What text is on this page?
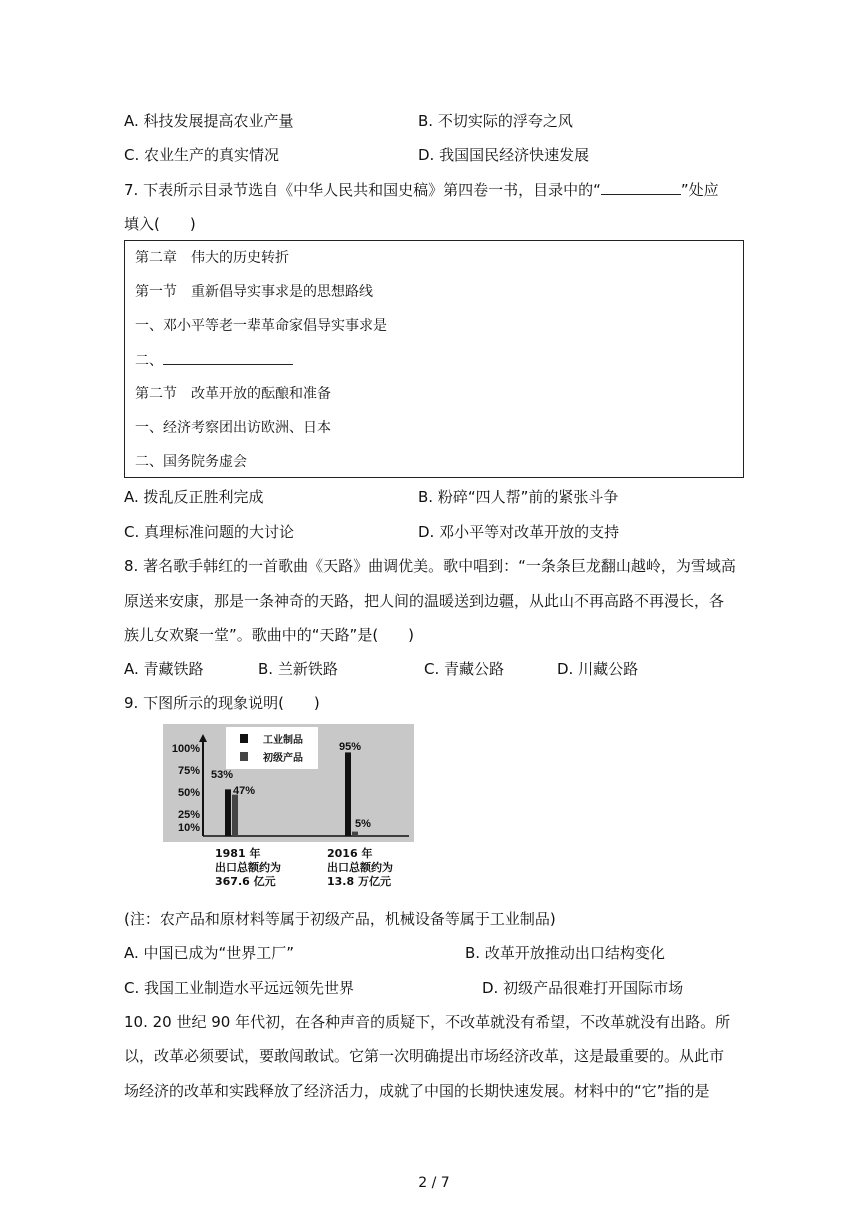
A. 科技发展提高农业产量	B. 不切实际的浮夸之风
C. 农业生产的真实情况	D. 我国国民经济快速发展
7. 下表所示目录节选自《中华人民共和国史稿》第四卷一书，目录中的“	”处应
填入(　　)
第二章　伟大的历史转折
第一节　重新倡导实事求是的思想路线
一、邓小平等老一辈革命家倡导实事求是
二、
第二节　改革开放的酝酿和准备
一、经济考察团出访欧洲、日本
二、国务院务虚会
A. 拨乱反正胜利完成	B. 粉碎“四人帮”前的紧张斗争
C. 真理标准问题的大讨论	D. 邓小平等对改革开放的支持
8. 著名歌手韩红的一首歌曲《天路》曲调优美。歌中唱到：“一条条巨龙翻山越岭，为雪域高
原送来安康，那是一条神奇的天路，把人间的温暖送到边疆，从此山不再高路不再漫长，各
族儿女欢聚一堂”。歌曲中的“天路”是(　　)
A. 青藏铁路	B. 兰新铁路	C. 青藏公路	D. 川藏公路
9. 下图所示的现象说明(　　)
100%
75%
50%
25%
10%
53%
47%
95%
5%
工业制品
初级产品
1981 年
出口总额约为
367.6 亿元
2016 年
出口总额约为
13.8 万亿元
(注：农产品和原材料等属于初级产品，机械设备等属于工业制品)
A. 中国已成为“世界工厂”	B. 改革开放推动出口结构变化
C. 我国工业制造水平远远领先世界	D. 初级产品很难打开国际市场
10. 20 世纪 90 年代初，在各种声音的质疑下，不改革就没有希望，不改革就没有出路。所
以，改革必须要试，要敢闯敢试。它第一次明确提出市场经济改革，这是最重要的。从此市
场经济的改革和实践释放了经济活力，成就了中国的长期快速发展。材料中的“它”指的是
2 / 7
